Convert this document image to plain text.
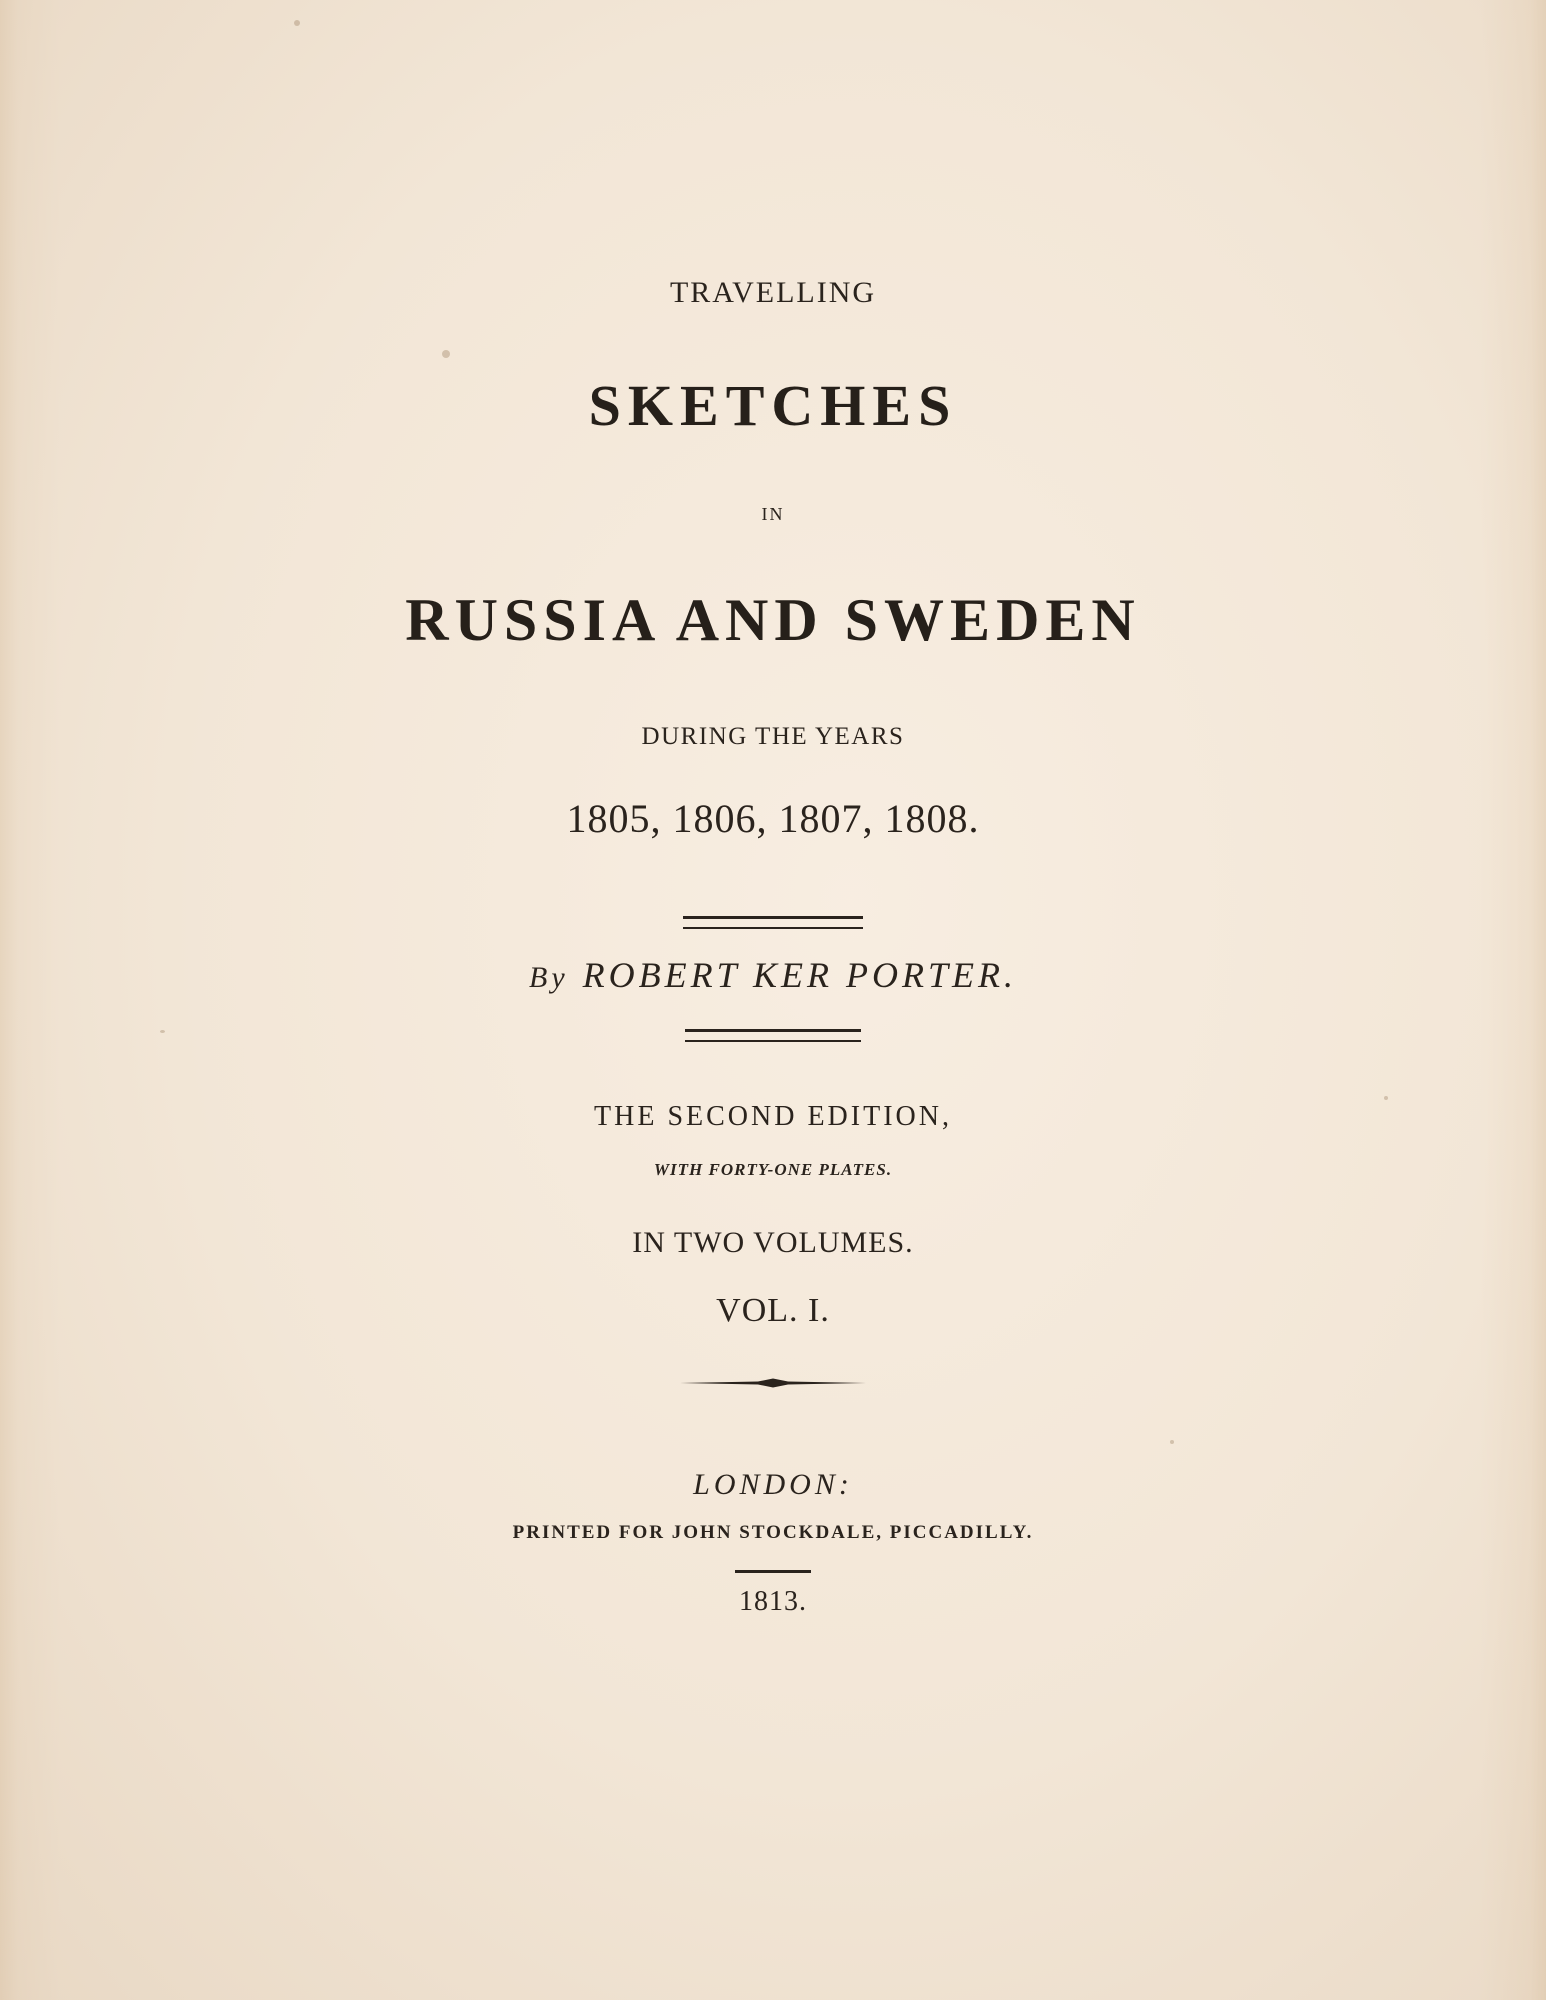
TRAVELLING
SKETCHES
IN
RUSSIA AND SWEDEN
DURING THE YEARS
1805, 1806, 1807, 1808.
By ROBERT KER PORTER.
THE SECOND EDITION,
WITH FORTY-ONE PLATES.
IN TWO VOLUMES.
VOL. I.
LONDON:
PRINTED FOR JOHN STOCKDALE, PICCADILLY.
1813.
